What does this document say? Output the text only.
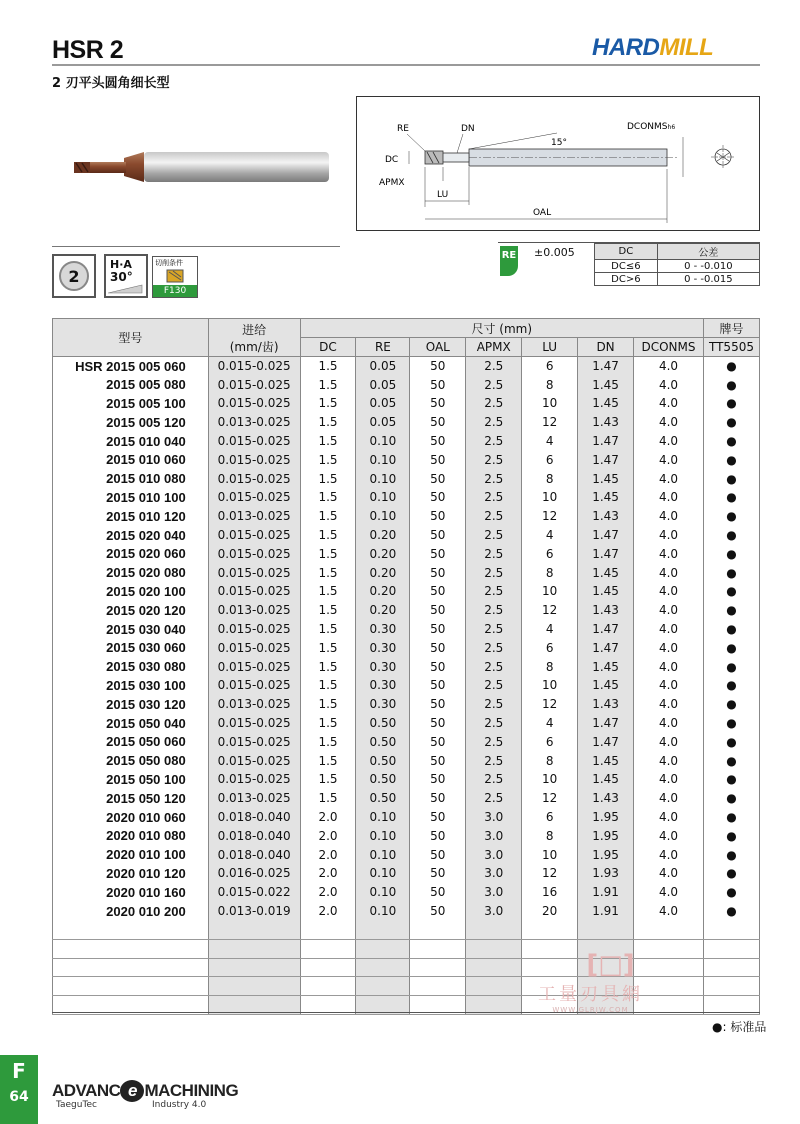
HSR 2
2 刃平头圆角细长型
HARDMILL
2
H·A
30°
切削条件
F130
15°
RE	DN
DC
APMX
LU
OAL
DCONMSh6
RE ±0.005	DC	公差
DC≤6	0 - -0.010
DC>6	0 - -0.015
型号	进给
(mm/齿)	尺寸 (mm)							牌号
		DC	RE	OAL	APMX	LU	DN	DCONMS	TT5505
HSR 2015 005 060	0.015-0.025	1.5	0.05	50	2.5	6	1.47	4.0	●
2015 005 080	0.015-0.025	1.5	0.05	50	2.5	8	1.45	4.0	●
2015 005 100	0.015-0.025	1.5	0.05	50	2.5	10	1.45	4.0	●
2015 005 120	0.013-0.025	1.5	0.05	50	2.5	12	1.43	4.0	●
2015 010 040	0.015-0.025	1.5	0.10	50	2.5	4	1.47	4.0	●
2015 010 060	0.015-0.025	1.5	0.10	50	2.5	6	1.47	4.0	●
2015 010 080	0.015-0.025	1.5	0.10	50	2.5	8	1.45	4.0	●
2015 010 100	0.015-0.025	1.5	0.10	50	2.5	10	1.45	4.0	●
2015 010 120	0.013-0.025	1.5	0.10	50	2.5	12	1.43	4.0	●
2015 020 040	0.015-0.025	1.5	0.20	50	2.5	4	1.47	4.0	●
2015 020 060	0.015-0.025	1.5	0.20	50	2.5	6	1.47	4.0	●
2015 020 080	0.015-0.025	1.5	0.20	50	2.5	8	1.45	4.0	●
2015 020 100	0.015-0.025	1.5	0.20	50	2.5	10	1.45	4.0	●
2015 020 120	0.013-0.025	1.5	0.20	50	2.5	12	1.43	4.0	●
2015 030 040	0.015-0.025	1.5	0.30	50	2.5	4	1.47	4.0	●
2015 030 060	0.015-0.025	1.5	0.30	50	2.5	6	1.47	4.0	●
2015 030 080	0.015-0.025	1.5	0.30	50	2.5	8	1.45	4.0	●
2015 030 100	0.015-0.025	1.5	0.30	50	2.5	10	1.45	4.0	●
2015 030 120	0.013-0.025	1.5	0.30	50	2.5	12	1.43	4.0	●
2015 050 040	0.015-0.025	1.5	0.50	50	2.5	4	1.47	4.0	●
2015 050 060	0.015-0.025	1.5	0.50	50	2.5	6	1.47	4.0	●
2015 050 080	0.015-0.025	1.5	0.50	50	2.5	8	1.45	4.0	●
2015 050 100	0.015-0.025	1.5	0.50	50	2.5	10	1.45	4.0	●
2015 050 120	0.013-0.025	1.5	0.50	50	2.5	12	1.43	4.0	●
2020 010 060	0.018-0.040	2.0	0.10	50	3.0	6	1.95	4.0	●
2020 010 080	0.018-0.040	2.0	0.10	50	3.0	8	1.95	4.0	●
2020 010 100	0.018-0.040	2.0	0.10	50	3.0	10	1.95	4.0	●
2020 010 120	0.016-0.025	2.0	0.10	50	3.0	12	1.93	4.0	●
2020 010 160	0.015-0.022	2.0	0.10	50	3.0	16	1.91	4.0	●
2020 010 200	0.013-0.019	2.0	0.10	50	3.0	20	1.91	4.0	●

●: 标准品
[□]
工量刃具網
WWW.GLRJW.COM
F
64	ADVANC e MACHINING
TaeguTec	Industry 4.0
